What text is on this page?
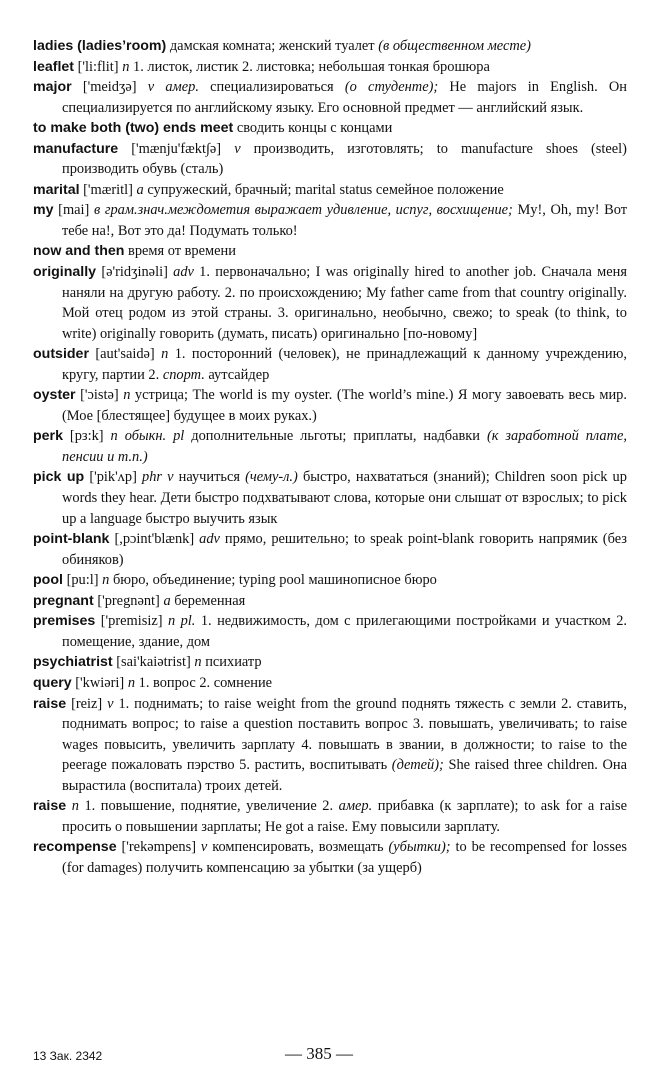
ladies (ladies’room) дамская комната; женский туалет (в общественном месте)

leaflet ['li:flit] n 1. листок, листик 2. листовка; небольшая тонкая брошюра

major ['meidʒə] v амер. специализироваться (о студенте); He majors in English. Он специализируется по английскому языку. Его основной предмет — английский язык.

to make both (two) ends meet сводить концы с концами

manufacture ['mænju'fækt∫ə] v производить, изготовлять; to manufacture shoes (steel) производить обувь (сталь)

marital ['mæritl] a супружеский, брачный; marital status семейное положение

my [mai] в грам.знач.междометия выражает удивление, испуг, восхищение; My!, Oh, my! Вот тебе на!, Вот это да! Подумать только!

now and then время от времени

originally [ə'ridʒinəli] adv 1. первоначально; I was originally hired to another job. Сначала меня наняли на другую работу. 2. по происхождению; My father came from that country originally. Мой отец родом из этой страны. 3. оригинально, необычно, свежо; to speak (to think, to write) originally говорить (думать, писать) оригинально [по-новому]

outsider [aut'saidə] n 1. посторонний (человек), не принадлежащий к данному учреждению, кругу, партии 2. спорт. аутсайдер

oyster ['ɔistə] n устрица; The world is my oyster. (The world’s mine.) Я могу завоевать весь мир. (Мое [блестящее] будущее в моих руках.)

perk [pз:k] n обыкн. pl дополнительные льготы; приплаты, надбавки (к заработной плате, пенсии и т.п.)

pick up ['pik'ʌp] phr v научиться (чему-л.) быстро, нахвататься (знаний); Children soon pick up words they hear. Дети быстро подхватывают слова, которые они слышат от взрослых; to pick up a language быстро выучить язык

point-blank [,pɔint'blænk] adv прямо, решительно; to speak point-blank говорить напрямик (без обиняков)

pool [pu:l] n бюро, объединение; typing pool машинописное бюро

pregnant ['pregnənt] a беременная

premises ['premisiz] n pl. 1. недвижимость, дом с прилегающими постройками и участком 2. помещение, здание, дом

psychiatrist [sai'kaiətrist] n психиатр

query ['kwiəri] n 1. вопрос 2. сомнение

raise [reiz] v 1. поднимать; to raise weight from the ground поднять тяжесть с земли 2. ставить, поднимать вопрос; to raise a question поставить вопрос 3. повышать, увеличивать; to raise wages повысить, увеличить зарплату 4. повышать в звании, в должности; to raise to the peerage пожаловать пэрство 5. растить, воспитывать (детей); She raised three children. Она вырастила (воспитала) троих детей.

raise n 1. повышение, поднятие, увеличение 2. амер. прибавка (к зарплате); to ask for a raise просить о повышении зарплаты; He got a raise. Ему повысили зарплату.

recompense ['rekəmpens] v компенсировать, возмещать (убытки); to be recompensed for losses (for damages) получить компенсацию за убытки (за ущерб)

13 Зак. 2342	— 385 —
